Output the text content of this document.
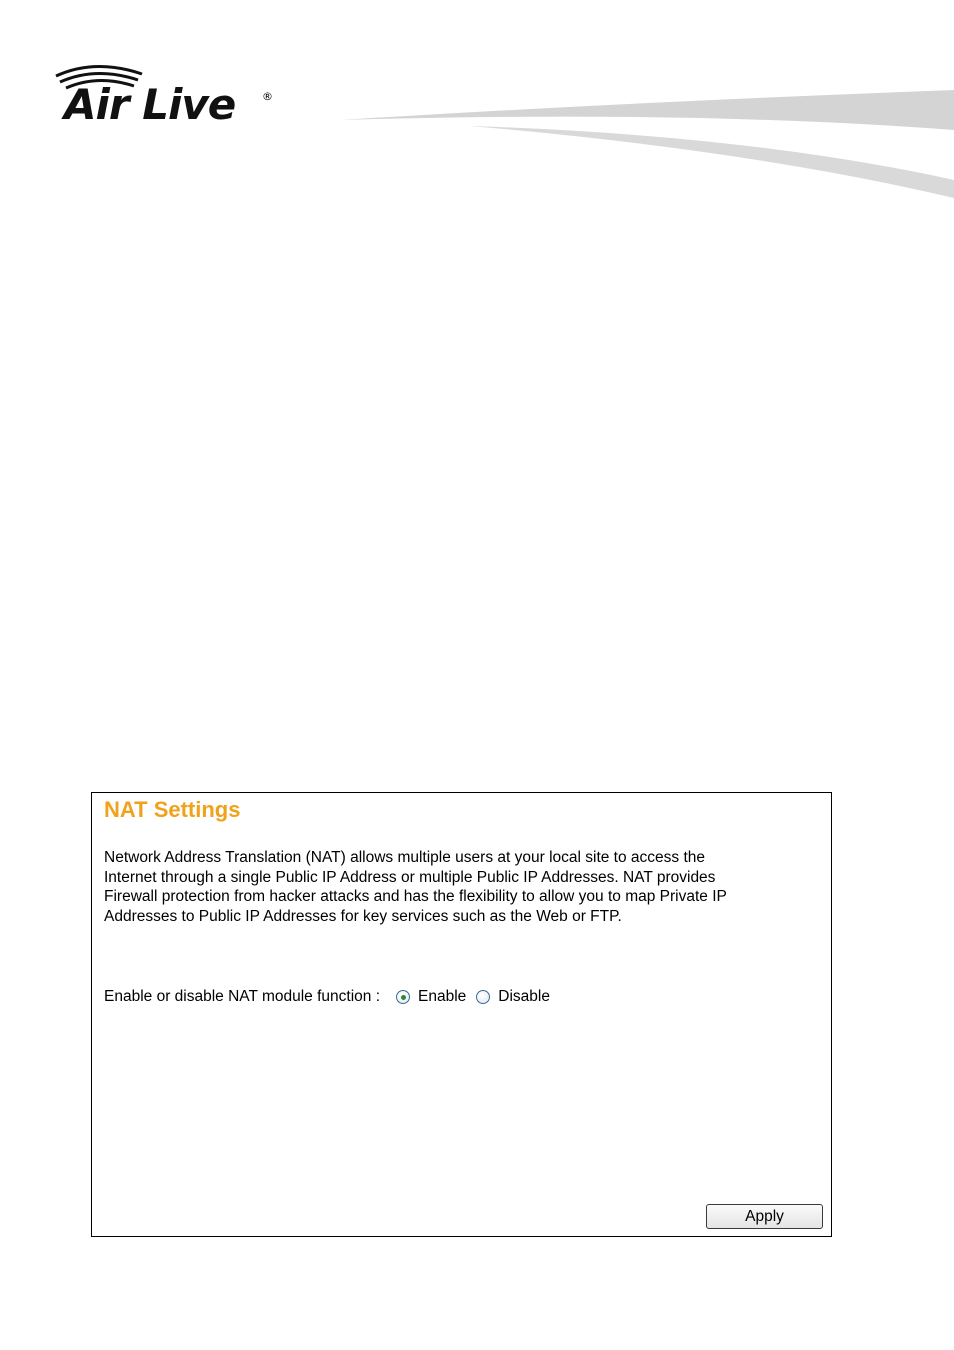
Air Live ®
NAT Settings
Network Address Translation (NAT) allows multiple users at your local site to access the Internet through a single Public IP Address or multiple Public IP Addresses. NAT provides Firewall protection from hacker attacks and has the flexibility to allow you to map Private IP Addresses to Public IP Addresses for key services such as the Web or FTP.
Enable or disable NAT module function : Enable Disable
Apply
